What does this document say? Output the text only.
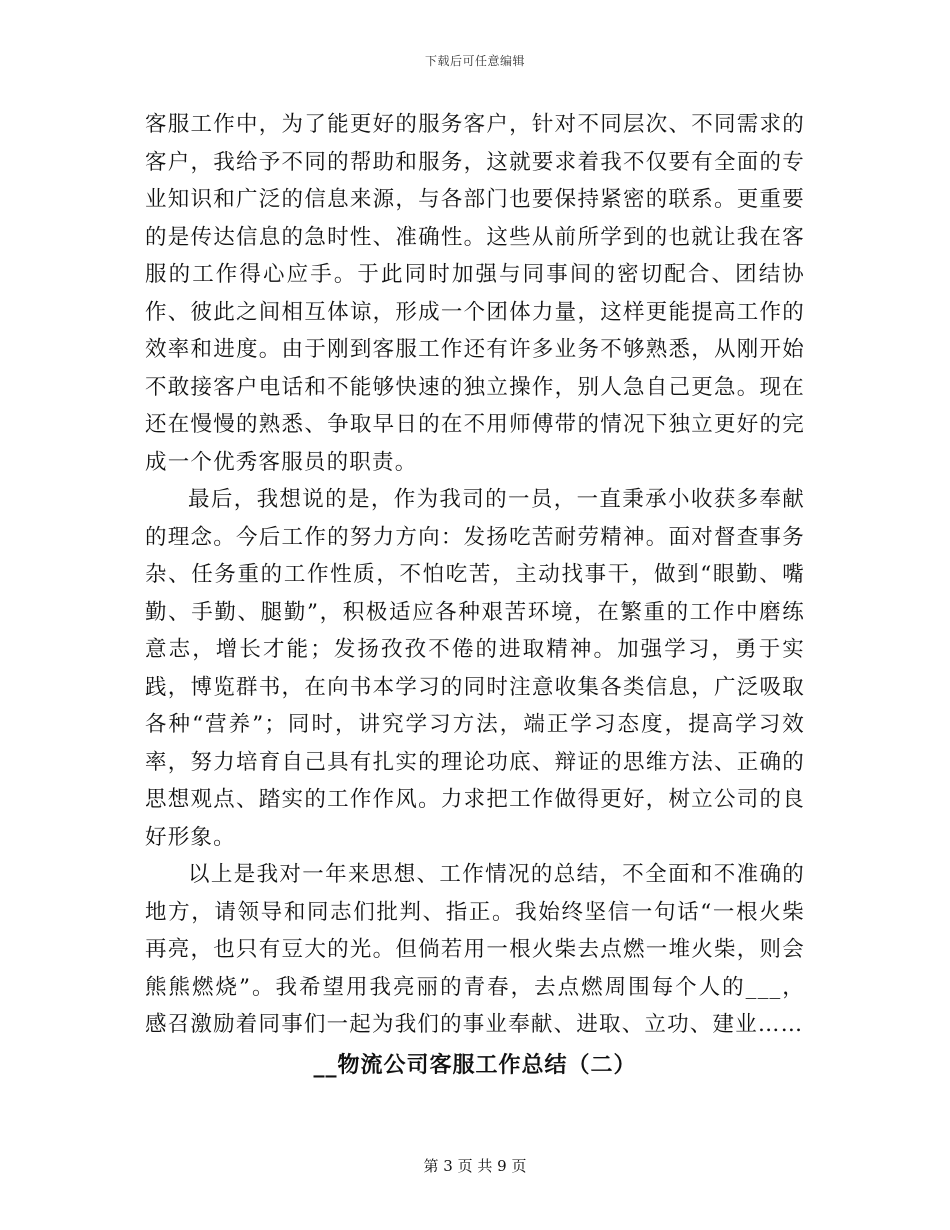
下载后可任意编辑

客服工作中，为了能更好的服务客户，针对不同层次、不同需求的客户，我给予不同的帮助和服务，这就要求着我不仅要有全面的专业知识和广泛的信息来源，与各部门也要保持紧密的联系。更重要的是传达信息的急时性、准确性。这些从前所学到的也就让我在客服的工作得心应手。于此同时加强与同事间的密切配合、团结协作、彼此之间相互体谅，形成一个团体力量，这样更能提高工作的效率和进度。由于刚到客服工作还有许多业务不够熟悉，从刚开始不敢接客户电话和不能够快速的独立操作，别人急自己更急。现在还在慢慢的熟悉、争取早日的在不用师傅带的情况下独立更好的完成一个优秀客服员的职责。

最后，我想说的是，作为我司的一员，一直秉承小收获多奉献的理念。今后工作的努力方向：发扬吃苦耐劳精神。面对督查事务杂、任务重的工作性质，不怕吃苦，主动找事干，做到“眼勤、嘴勤、手勤、腿勤”，积极适应各种艰苦环境，在繁重的工作中磨练意志，增长才能；发扬孜孜不倦的进取精神。加强学习，勇于实践，博览群书，在向书本学习的同时注意收集各类信息，广泛吸取各种“营养”；同时，讲究学习方法，端正学习态度，提高学习效率，努力培育自己具有扎实的理论功底、辩证的思维方法、正确的思想观点、踏实的工作作风。力求把工作做得更好，树立公司的良好形象。

以上是我对一年来思想、工作情况的总结，不全面和不准确的地方，请领导和同志们批判、指正。我始终坚信一句话“一根火柴再亮，也只有豆大的光。但倘若用一根火柴去点燃一堆火柴，则会熊熊燃烧”。我希望用我亮丽的青春，去点燃周围每个人的___，感召激励着同事们一起为我们的事业奉献、进取、立功、建业……

__物流公司客服工作总结（二）
第 3 页 共 9 页
